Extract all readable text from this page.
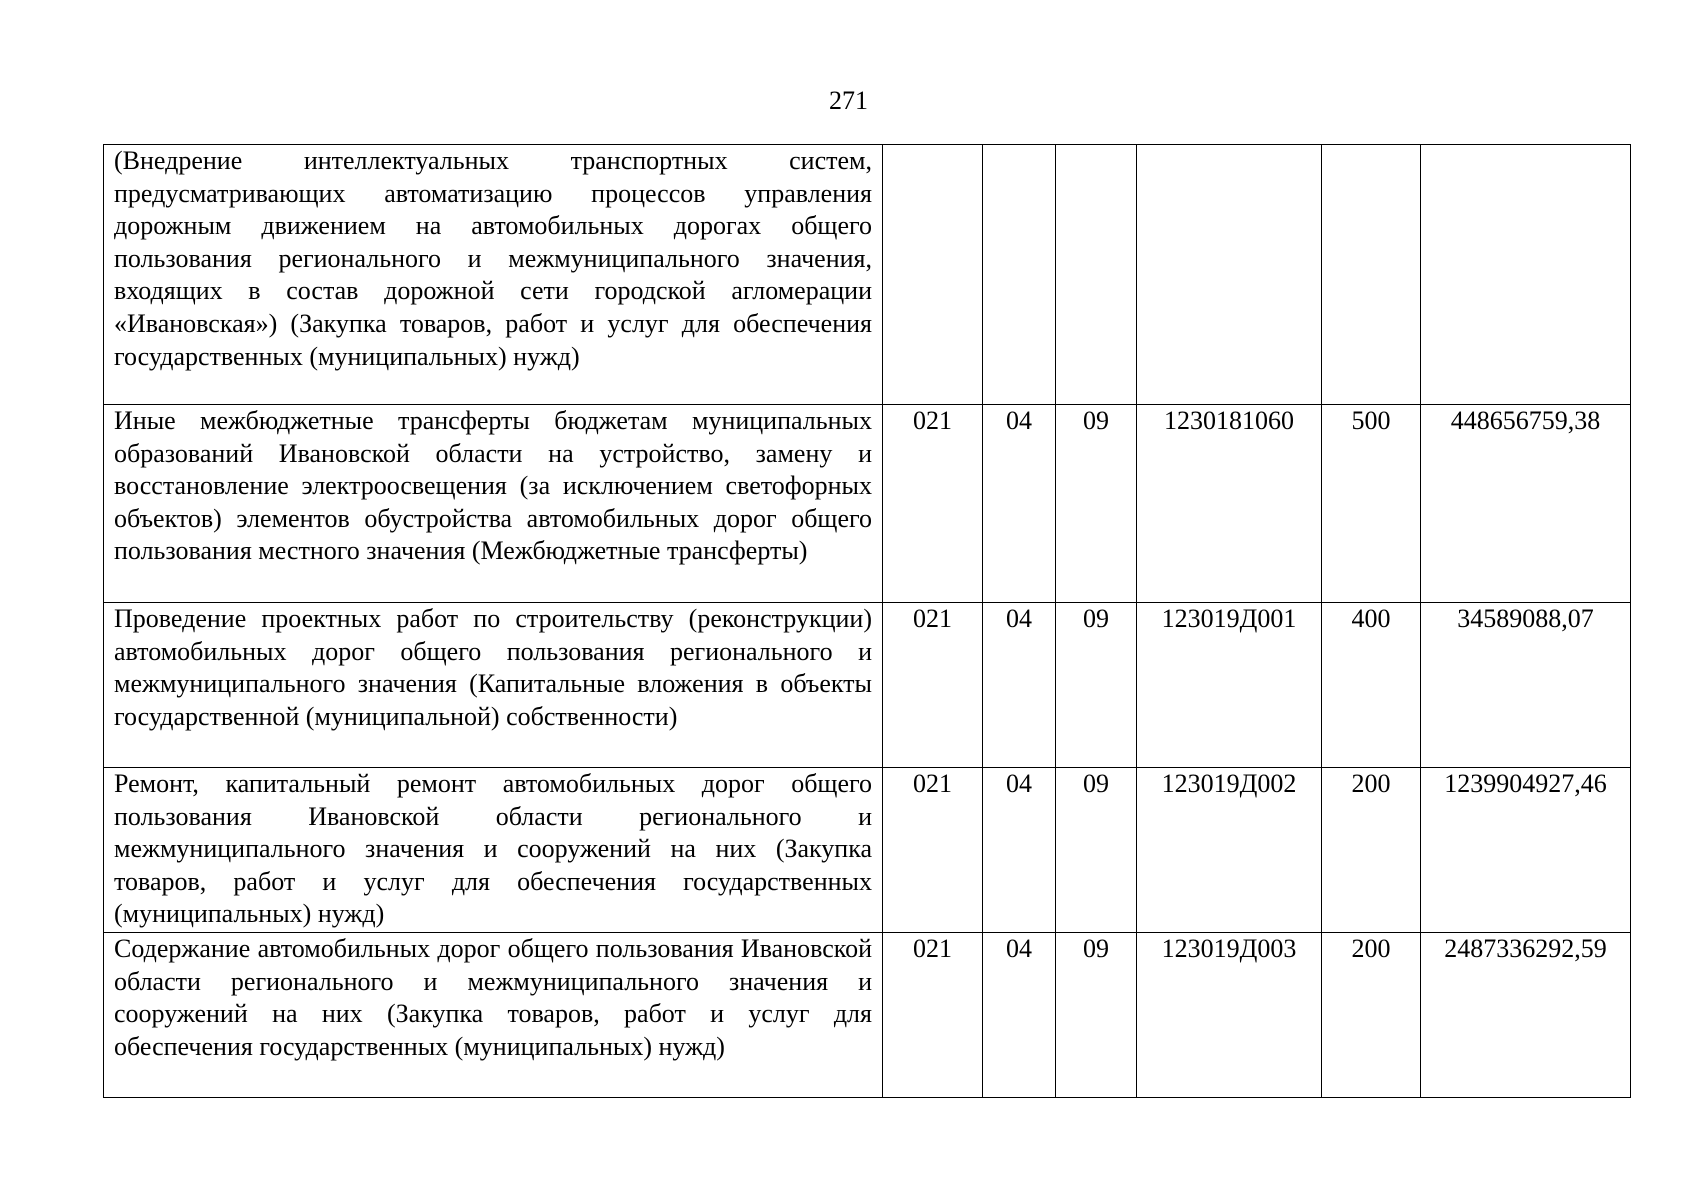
271
(Внедрение интеллектуальных транспортных систем, предусматривающих автоматизацию процессов управления дорожным движением на автомобильных дорогах общего пользования регионального и межмуниципального значения, входящих в состав дорожной сети городской агломерации «Ивановская») (Закупка товаров, работ и услуг для обеспечения государственных (муниципальных) нужд)						
Иные межбюджетные трансферты бюджетам муниципальных образований Ивановской области на устройство, замену и восстановление электроосвещения (за исключением светофорных объектов) элементов обустройства автомобильных дорог общего пользования местного значения (Межбюджетные трансферты)	021	04	09	1230181060	500	448656759,38
Проведение проектных работ по строительству (реконструкции) автомобильных дорог общего пользования регионального и межмуниципального значения (Капитальные вложения в объекты государственной (муниципальной) собственности)	021	04	09	123019Д001	400	34589088,07
Ремонт, капитальный ремонт автомобильных дорог общего пользования Ивановской области регионального и межмуниципального значения и сооружений на них (Закупка товаров, работ и услуг для обеспечения государственных (муниципальных) нужд)	021	04	09	123019Д002	200	1239904927,46
Содержание автомобильных дорог общего пользования Ивановской области регионального и межмуниципального значения и сооружений на них (Закупка товаров, работ и услуг для обеспечения государственных (муниципальных) нужд)	021	04	09	123019Д003	200	2487336292,59
